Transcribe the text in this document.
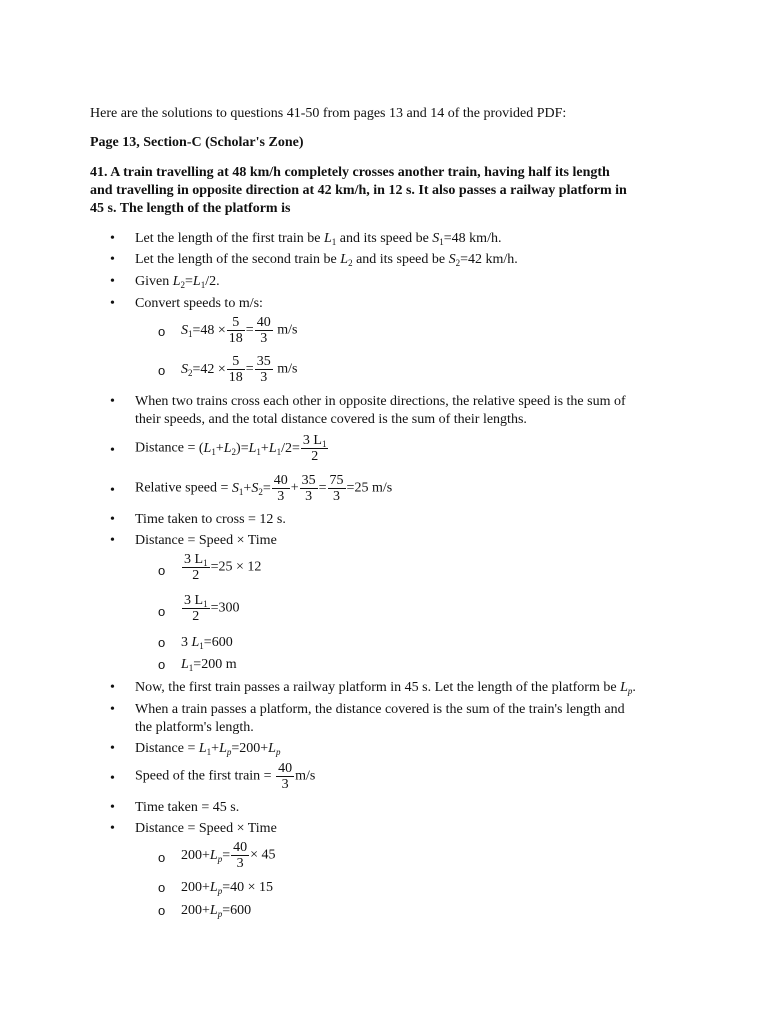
Here are the solutions to questions 41-50 from pages 13 and 14 of the provided PDF:
Page 13, Section-C (Scholar's Zone)
41. A train travelling at 48 km/h completely crosses another train, having half its length
and travelling in opposite direction at 42 km/h, in 12 s. It also passes a railway platform in
45 s. The length of the platform is
• Let the length of the first train be $L_1$ and its speed be $S_1=48$ km/h.
• Let the length of the second train be $L_2$ and its speed be $S_2=42$ km/h.
• Given $L_2=L_1/2$.
• Convert speeds to m/s:
o $S_1=48 \times \frac{5}{18} = \frac{40}{3} m/s$
o $S_2=42 \times \frac{5}{18} = \frac{35}{3} m/s$
• When two trains cross each other in opposite directions, the relative speed is the sum of
their speeds, and the total distance covered is the sum of their lengths.
• Distance = $(L_1+L_2)=L_1+L_1/2= \frac{3 L_1}{2}$
• Relative speed = $S_1+S_2= \frac{40}{3} + \frac{35}{3} = \frac{75}{3} =25$ m/s
• Time taken to cross = 12 s.
• Distance = Speed × Time
o $\frac{3 L_1}{2} =25 \times 12$
o $\frac{3 L_1}{2} =300$
o 3 $L_1=600$
o $L_1=200$ m
• Now, the first train passes a railway platform in 45 s. Let the length of the platform be $L_p$.
• When a train passes a platform, the distance covered is the sum of the train's length and
the platform's length.
• Distance = $L_1+L_p=200+L_p$
• Speed of the first train = $\frac{40}{3} m/s$
• Time taken = 45 s.
• Distance = Speed × Time
o $200+L_p= \frac{40}{3} \times 45$
o $200+L_p=40 \times 15$
o $200+L_p=600$
